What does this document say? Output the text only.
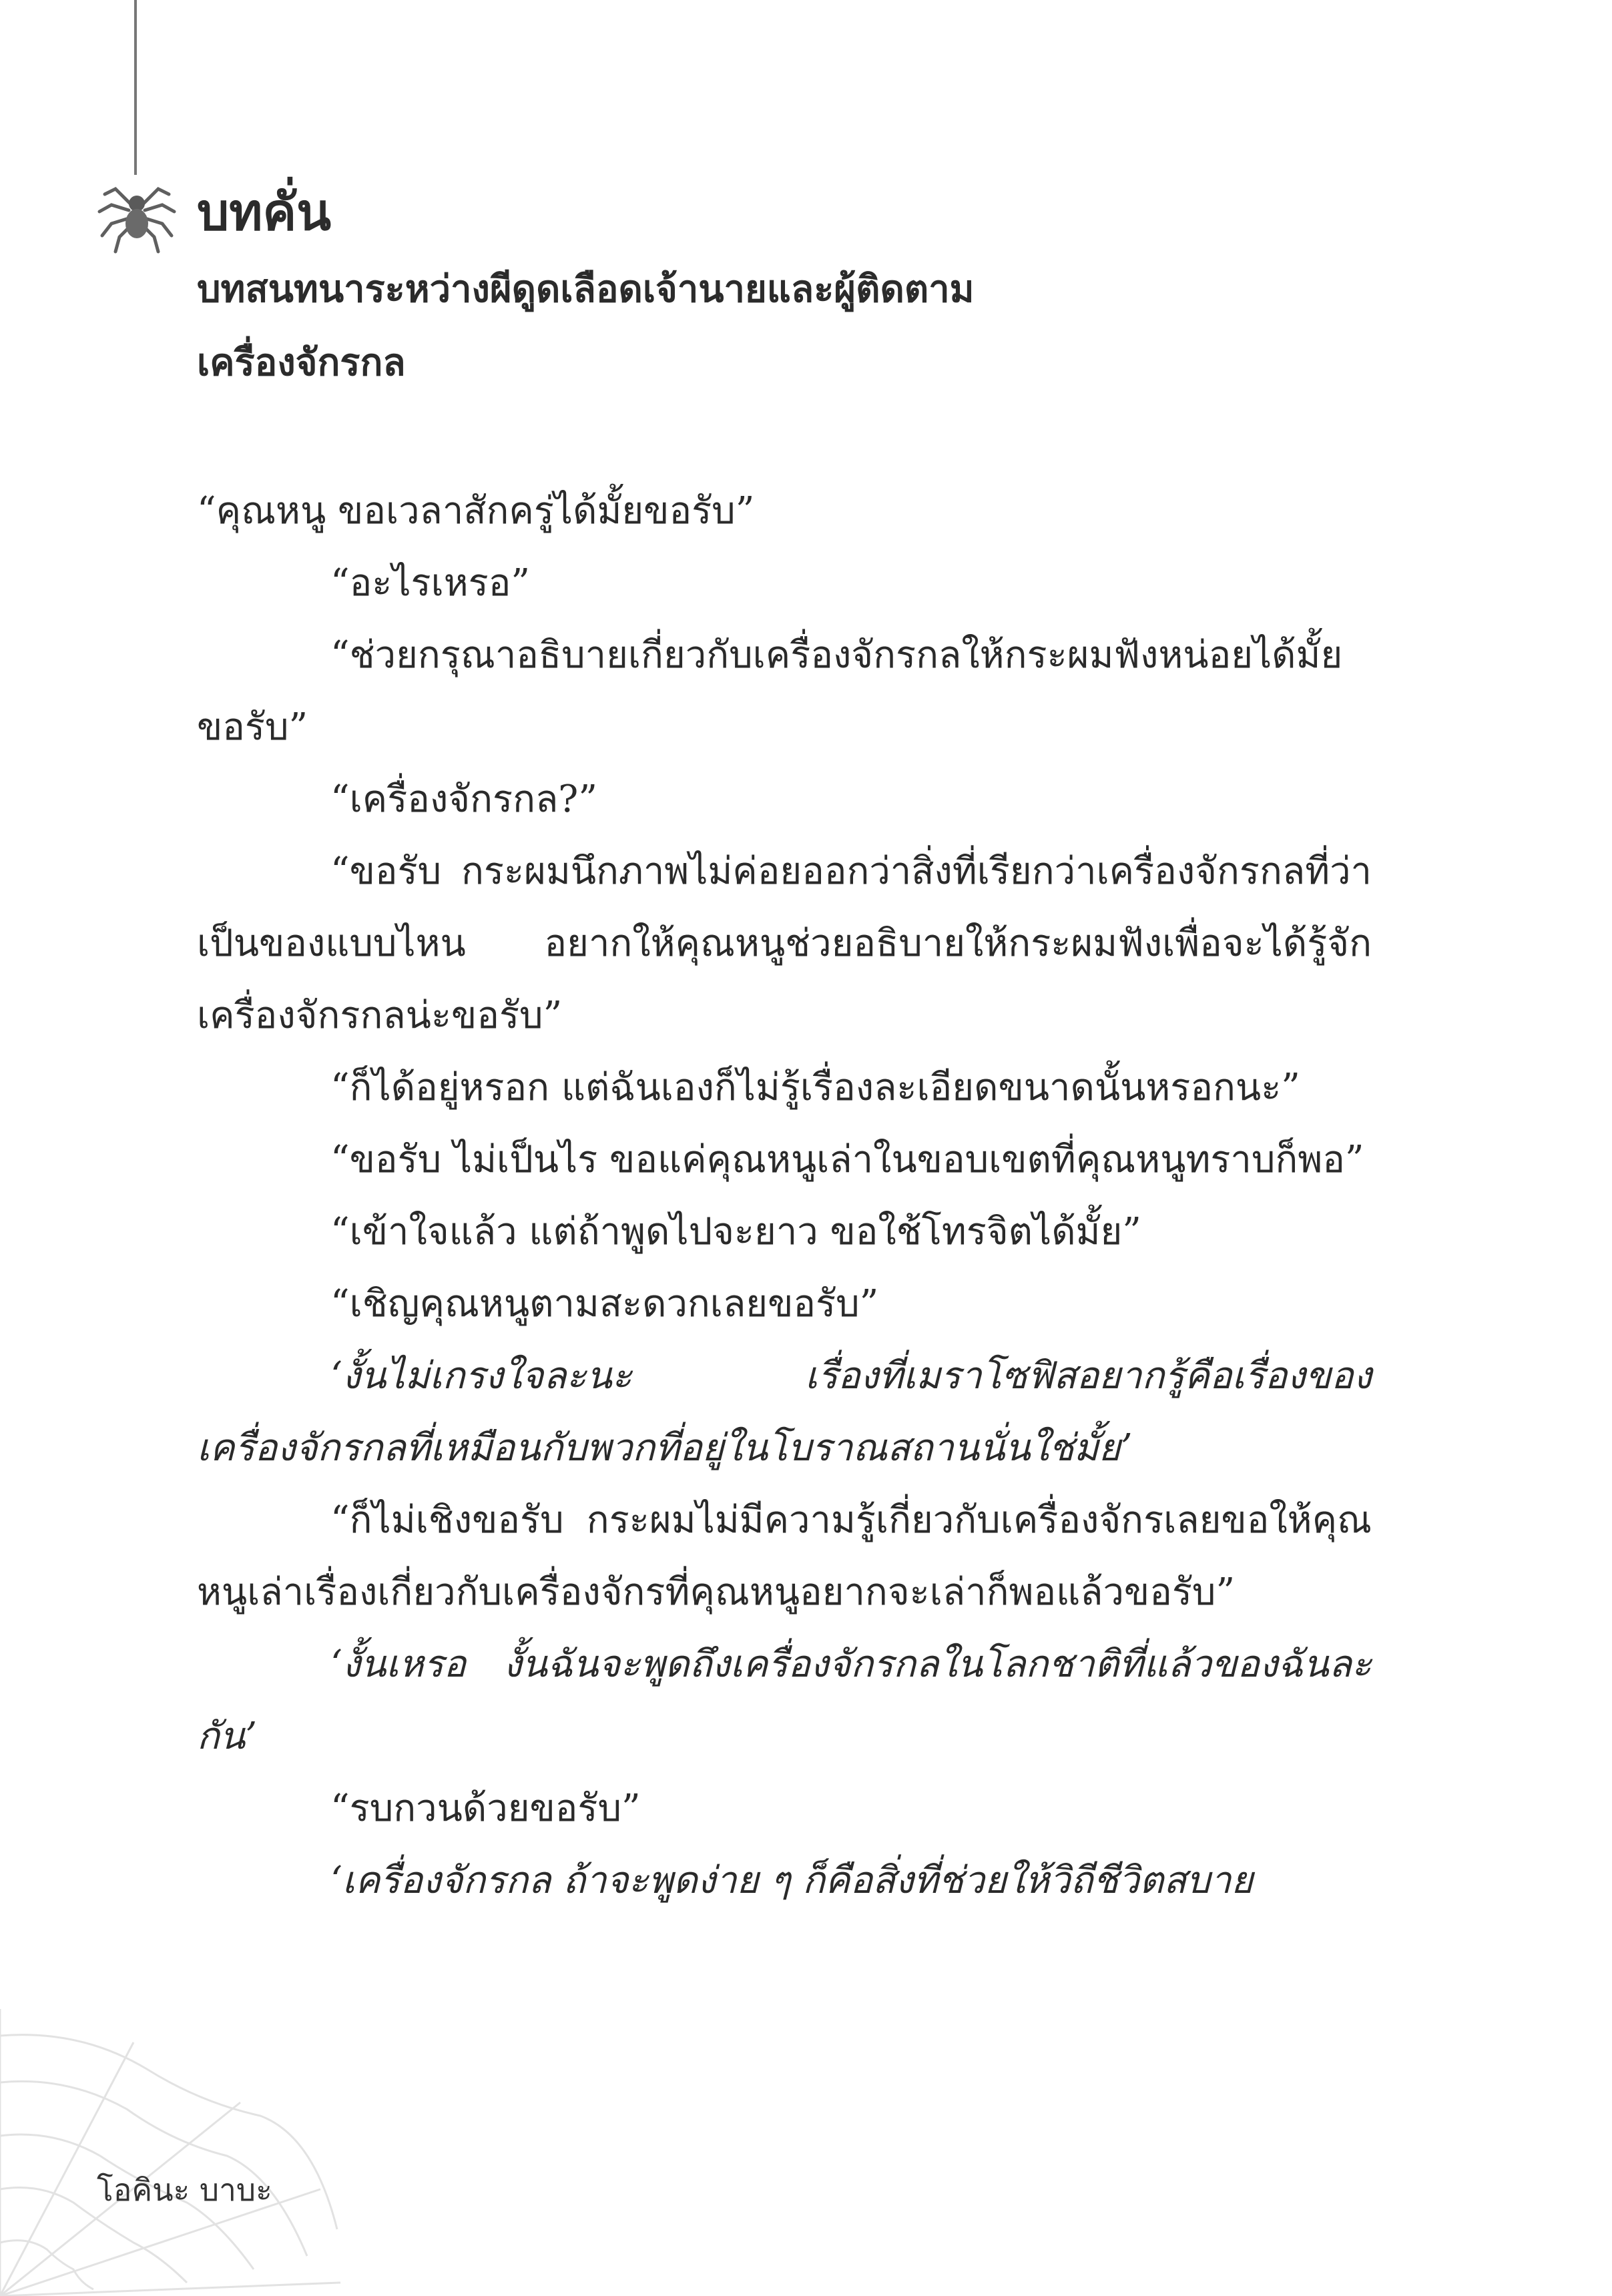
บทคั่น
บทสนทนาระหว่างผีดูดเลือดเจ้านายและผู้ติดตาม
เครื่องจักรกล

“คุณหนู ขอเวลาสักครู่ได้มั้ยขอรับ”

“อะไรเหรอ”

“ช่วยกรุณาอธิบายเกี่ยวกับเครื่องจักรกลให้กระผมฟังหน่อยได้มั้ยขอรับ”

“เครื่องจักรกล?”

“ขอรับ กระผมนึกภาพไม่ค่อยออกว่าสิ่งที่เรียกว่าเครื่องจักรกลที่ว่าเป็นของแบบไหน อยากให้คุณหนูช่วยอธิบายให้กระผมฟังเพื่อจะได้รู้จักเครื่องจักรกลน่ะขอรับ”

“ก็ได้อยู่หรอก แต่ฉันเองก็ไม่รู้เรื่องละเอียดขนาดนั้นหรอกนะ”

“ขอรับ ไม่เป็นไร ขอแค่คุณหนูเล่าในขอบเขตที่คุณหนูทราบก็พอ”

“เข้าใจแล้ว แต่ถ้าพูดไปจะยาว ขอใช้โทรจิตได้มั้ย”

“เชิญคุณหนูตามสะดวกเลยขอรับ”

‘งั้นไม่เกรงใจละนะ เรื่องที่เมราโซฟิสอยากรู้คือเรื่องของเครื่องจักรกลที่เหมือนกับพวกที่อยู่ในโบราณสถานนั่นใช่มั้ย’

“ก็ไม่เชิงขอรับ กระผมไม่มีความรู้เกี่ยวกับเครื่องจักรเลยขอให้คุณหนูเล่าเรื่องเกี่ยวกับเครื่องจักรที่คุณหนูอยากจะเล่าก็พอแล้วขอรับ”

‘งั้นเหรอ งั้นฉันจะพูดถึงเครื่องจักรกลในโลกชาติที่แล้วของฉันละกัน’

“รบกวนด้วยขอรับ”

‘เครื่องจักรกล ถ้าจะพูดง่าย ๆ ก็คือสิ่งที่ช่วยให้วิถีชีวิตสบาย

โอคินะ บาบะ
